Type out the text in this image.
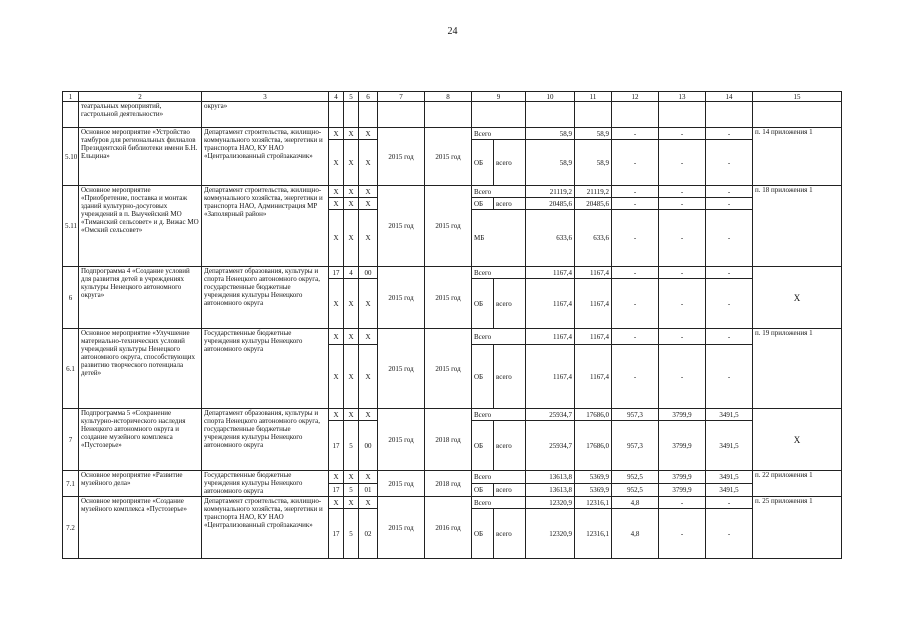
24
1	2	3	4	5	6	7	8	9		10	11	12	13	14	15
	театральных мероприятий, гастрольной деятельности»	округа»													
5.10	Основное мероприятие «Устройство тамбуров для региональных филиалов Президентской библиотеки имени Б.Н. Ельцина»	Департамент строительства, жилищно-коммунального хозяйства, энергетики и транспорта НАО, КУ НАО «Централизованный стройзаказчик»	Х	Х	Х	2015 год	2015 год	Всего		58,9	58,9	-	-	-	п. 14 приложения 1
			Х	Х	Х			ОБ	всего	58,9	58,9	-	-	-	
5.11	Основное мероприятие «Приобретение, поставка и монтаж зданий культурно-досуговых учреждений в п. Выучейский МО «Тиманский сельсовет» и д. Вижас МО «Омский сельсовет»	Департамент строительства, жилищно-коммунального хозяйства, энергетики и транспорта НАО, Администрация МР «Заполярный район»	Х	Х	Х	2015 год	2015 год	Всего		21119,2	21119,2	-	-	-	п. 18 приложения 1
			Х	Х	Х			ОБ	всего	20485,6	20485,6	-	-	-	
			Х	Х	Х			МБ		633,6	633,6	-	-	-	
6	Подпрограмма 4 «Создание условий для развития детей в учреждениях культуры Ненецкого автономного округа»	Департамент образования, культуры и спорта Ненецкого автономного округа, государственные бюджетные учреждения культуры Ненецкого автономного округа	17	4	00	2015 год	2015 год	Всего		1167,4	1167,4	-	-	-	Х
			Х	Х	Х			ОБ	всего	1167,4	1167,4	-	-	-	
6.1	Основное мероприятие «Улучшение материально-технических условий учреждений культуры Ненецкого автономного округа, способствующих развитию творческого потенциала детей»	Государственные бюджетные учреждения культуры Ненецкого автономного округа	Х	Х	Х	2015 год	2015 год	Всего		1167,4	1167,4	-	-	-	п. 19 приложения 1
			Х	Х	Х			ОБ	всего	1167,4	1167,4	-	-	-	
7	Подпрограмма 5 «Сохранение культурно-исторического наследия Ненецкого автономного округа и создание музейного комплекса «Пустозерье»	Департамент образования, культуры и спорта Ненецкого автономного округа, государственные бюджетные учреждения культуры Ненецкого автономного округа	Х	Х	Х	2015 год	2018 год	Всего		25934,7	17686,0	957,3	3799,9	3491,5	Х
			17	5	00			ОБ	всего	25934,7	17686,0	957,3	3799,9	3491,5	
7.1	Основное мероприятие «Развитие музейного дела»	Государственные бюджетные учреждения культуры Ненецкого автономного округа	Х	Х	Х	2015 год	2018 год	Всего		13613,8	5369,9	952,5	3799,9	3491,5	п. 22 приложения 1
			17	5	01			ОБ	всего	13613,8	5369,9	952,5	3799,9	3491,5	
7.2	Основное мероприятие «Создание музейного комплекса «Пустозерье»	Департамент строительства, жилищно-коммунального хозяйства, энергетики и транспорта НАО, КУ НАО «Централизованный стройзаказчик»	Х	Х	Х	2015 год	2016 год	Всего		12320,9	12316,1	4,8	-	-	п. 25 приложения 1
			17	5	02			ОБ	всего	12320,9	12316,1	4,8	-	-	
